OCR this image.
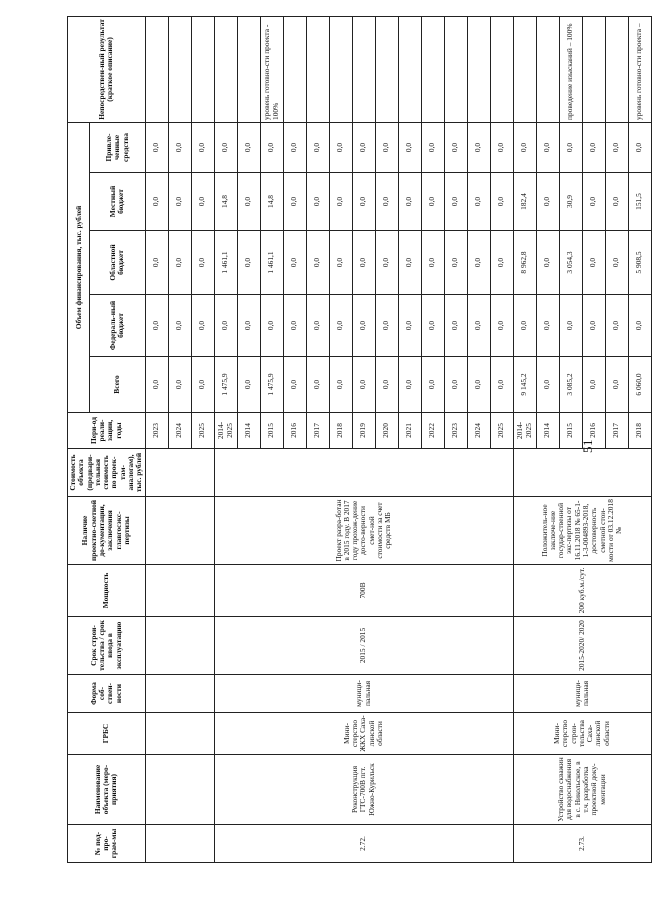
51
№ под-про-грам-мы	Наименование объекта (меро-приятия)	ГРБС	Форма соб-ствен-ности	Срок строи-тельства / срок ввода в эксплуатацию	Мощность	Наличие проектно-сметной до-кументации, заключения главгосэкс-пертизы	Стоимость объекта (предвари-тельная стоимость по проек-там-аналогам), тыс. рублей	Пери-од реали-зации, годы	Объем финансирования, тыс. рублей					Непосредствен-ный результат (краткое описание)
									Всего	Федераль-ный бюджет	Областной бюджет	Местный бюджет	Привле-ченные средства	
								2023	0,0	0,0	0,0	0,0	0,0	
								2024	0,0	0,0	0,0	0,0	0,0	
								2025	0,0	0,0	0,0	0,0	0,0	
2.72.	Реконструкция ГТС-700В пгт. Южно-Курильск	Мини-стерство ЖКХ Саха-линской области	муници-пальная	2015 / 2015	700В	Проект разра-ботан в 2015 году. В 2017 году прохож-дение досто-верности смет-ной стоимости за счет средств МБ		2014-2025	1 475,9	0,0	1 461,1	14,8	0,0	
								2014	0,0	0,0	0,0	0,0	0,0	
								2015	1 475,9	0,0	1 461,1	14,8	0,0	уровень готовно-сти проекта - 100%
								2016	0,0	0,0	0,0	0,0	0,0	
								2017	0,0	0,0	0,0	0,0	0,0	
								2018	0,0	0,0	0,0	0,0	0,0	
								2019	0,0	0,0	0,0	0,0	0,0	
								2020	0,0	0,0	0,0	0,0	0,0	
								2021	0,0	0,0	0,0	0,0	0,0	
								2022	0,0	0,0	0,0	0,0	0,0	
								2023	0,0	0,0	0,0	0,0	0,0	
								2024	0,0	0,0	0,0	0,0	0,0	
								2025	0,0	0,0	0,0	0,0	0,0	
2.73.	Устройство скважин для водоснабжения в с. Никольское, в т.ч. разработка проектной доку-ментации	Мини-стерство строи-тельства Саха-линской области	муници-пальная	2015-2020/ 2020	200 куб.м./сут.	Положитель-ное заключе-ние государ-ственной экс-пертизы от 16.11.2018 № 65-1-1-3-004893-2018, достоверность сметной стои-мости от 03.12.2018 №		2014-2025	9 145,2	0,0	8 962,8	182,4	0,0	
								2014	0,0	0,0	0,0	0,0	0,0	
								2015	3 085,2	0,0	3 054,3	30,9	0,0	проведение изысканий – 100%
								2016	0,0	0,0	0,0	0,0	0,0	
								2017	0,0	0,0	0,0	0,0	0,0	
								2018	6 060,0	0,0	5 908,5	151,5	0,0	уровень готовно-сти проекта –
